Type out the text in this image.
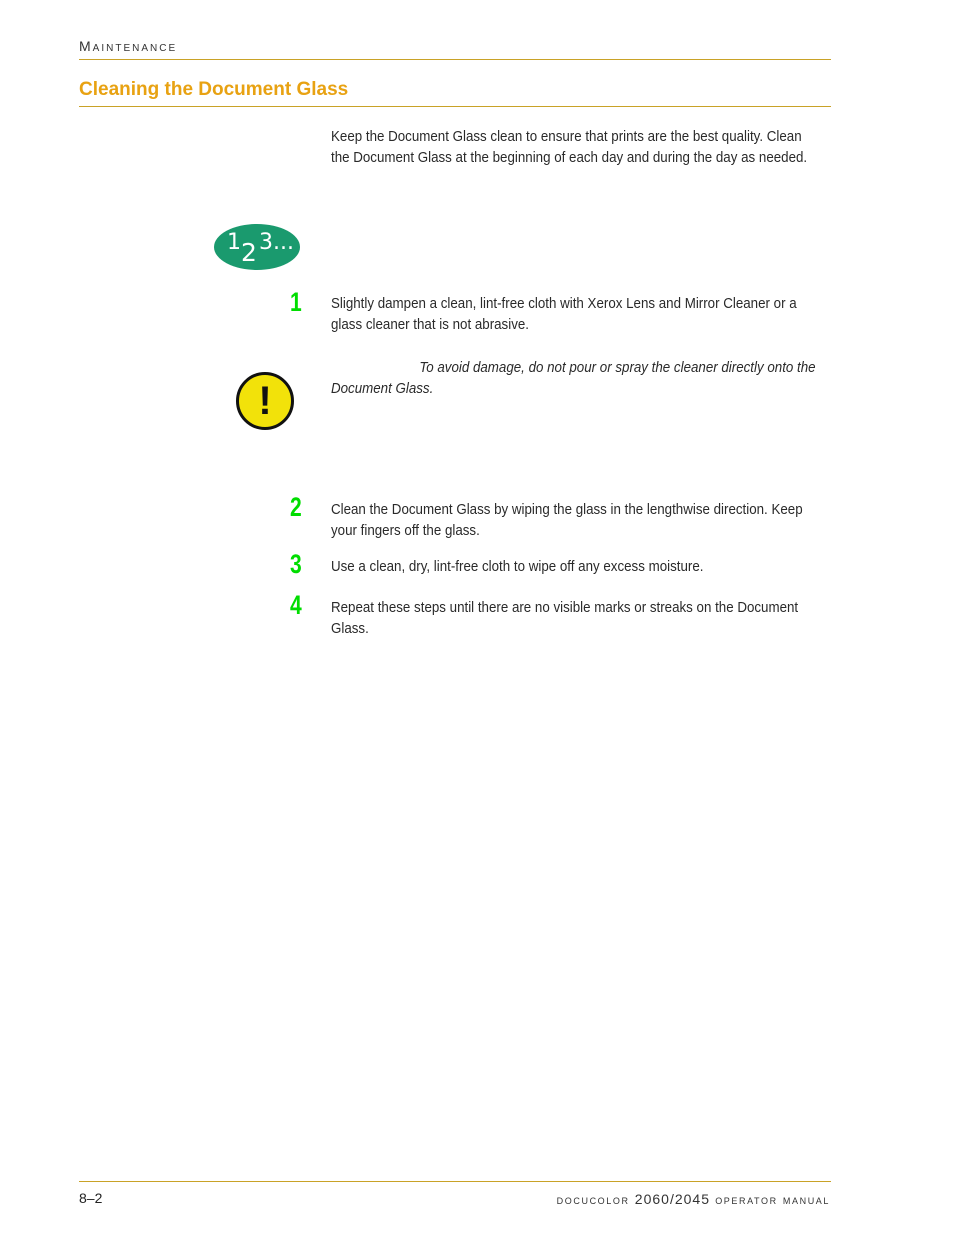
Maintenance
Cleaning the Document Glass
Keep the Document Glass clean to ensure that prints are the best quality. Clean the Document Glass at the beginning of each day and during the day as needed.
1 2 3...
1 Slightly dampen a clean, lint-free cloth with Xerox Lens and Mirror Cleaner or a
glass cleaner that is not abrasive.
!
To avoid damage, do not pour or spray the cleaner directly onto the
Document Glass.
2 Clean the Document Glass by wiping the glass in the lengthwise direction. Keep
your fingers off the glass.
3 Use a clean, dry, lint-free cloth to wipe off any excess moisture.
4 Repeat these steps until there are no visible marks or streaks on the Document
Glass.
8–2	docucolor 2060/2045 operator manual
